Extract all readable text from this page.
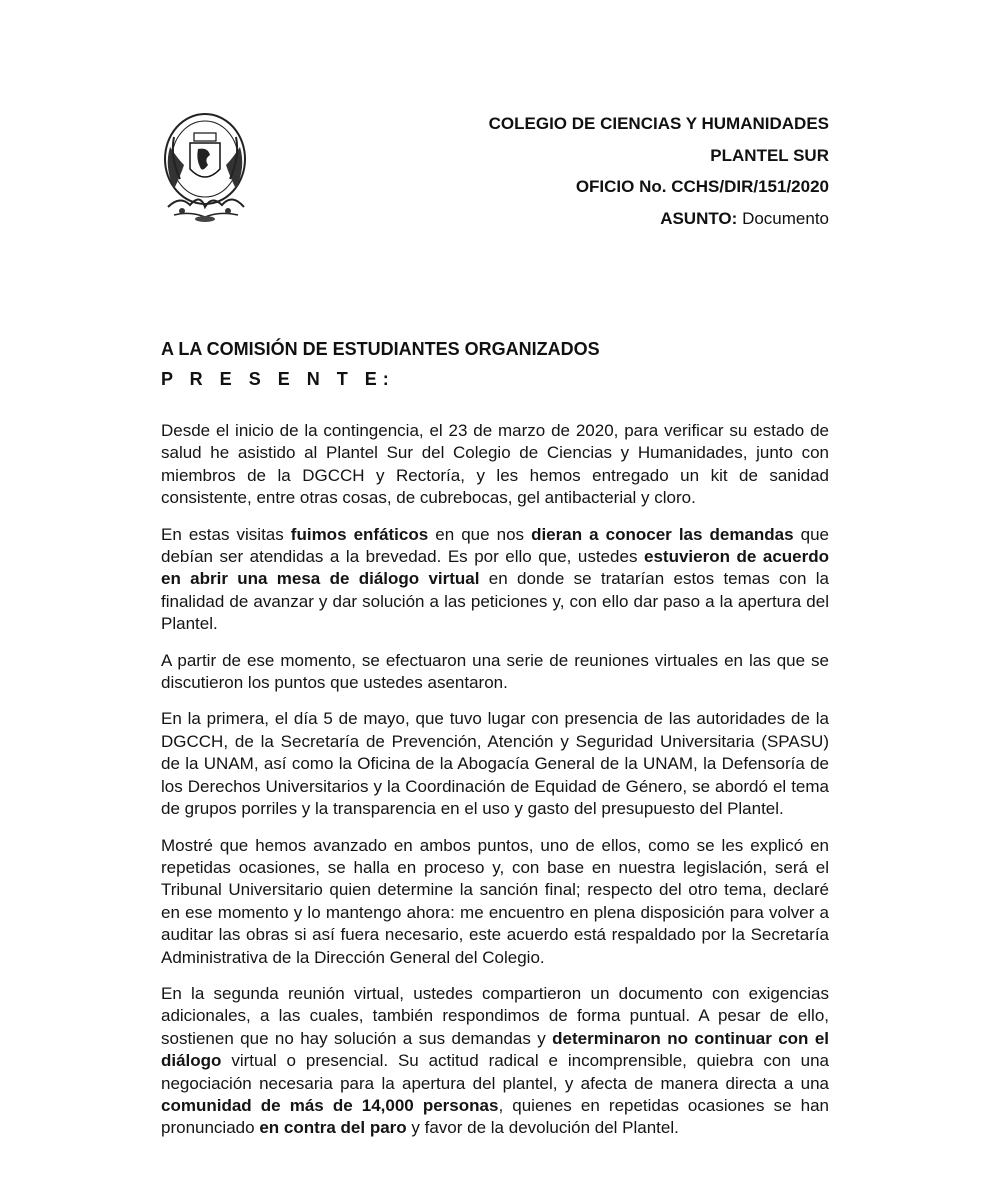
COLEGIO DE CIENCIAS Y HUMANIDADES
PLANTEL SUR
OFICIO No. CCHS/DIR/151/2020
ASUNTO: Documento
A LA COMISIÓN DE ESTUDIANTES ORGANIZADOS
P R E S E N T E:

Desde el inicio de la contingencia, el 23 de marzo de 2020, para verificar su estado de salud he asistido al Plantel Sur del Colegio de Ciencias y Humanidades, junto con miembros de la DGCCH y Rectoría, y les hemos entregado un kit de sanidad consistente, entre otras cosas, de cubrebocas, gel antibacterial y cloro.

En estas visitas fuimos enfáticos en que nos dieran a conocer las demandas que debían ser atendidas a la brevedad. Es por ello que, ustedes estuvieron de acuerdo en abrir una mesa de diálogo virtual en donde se tratarían estos temas con la finalidad de avanzar y dar solución a las peticiones y, con ello dar paso a la apertura del Plantel.

A partir de ese momento, se efectuaron una serie de reuniones virtuales en las que se discutieron los puntos que ustedes asentaron.

En la primera, el día 5 de mayo, que tuvo lugar con presencia de las autoridades de la DGCCH, de la Secretaría de Prevención, Atención y Seguridad Universitaria (SPASU) de la UNAM, así como la Oficina de la Abogacía General de la UNAM, la Defensoría de los Derechos Universitarios y la Coordinación de Equidad de Género, se abordó el tema de grupos porriles y la transparencia en el uso y gasto del presupuesto del Plantel.

Mostré que hemos avanzado en ambos puntos, uno de ellos, como se les explicó en repetidas ocasiones, se halla en proceso y, con base en nuestra legislación, será el Tribunal Universitario quien determine la sanción final; respecto del otro tema, declaré en ese momento y lo mantengo ahora: me encuentro en plena disposición para volver a auditar las obras si así fuera necesario, este acuerdo está respaldado por la Secretaría Administrativa de la Dirección General del Colegio.

En la segunda reunión virtual, ustedes compartieron un documento con exigencias adicionales, a las cuales, también respondimos de forma puntual. A pesar de ello, sostienen que no hay solución a sus demandas y determinaron no continuar con el diálogo virtual o presencial. Su actitud radical e incomprensible, quiebra con una negociación necesaria para la apertura del plantel, y afecta de manera directa a una comunidad de más de 14,000 personas, quienes en repetidas ocasiones se han pronunciado en contra del paro y favor de la devolución del Plantel.
